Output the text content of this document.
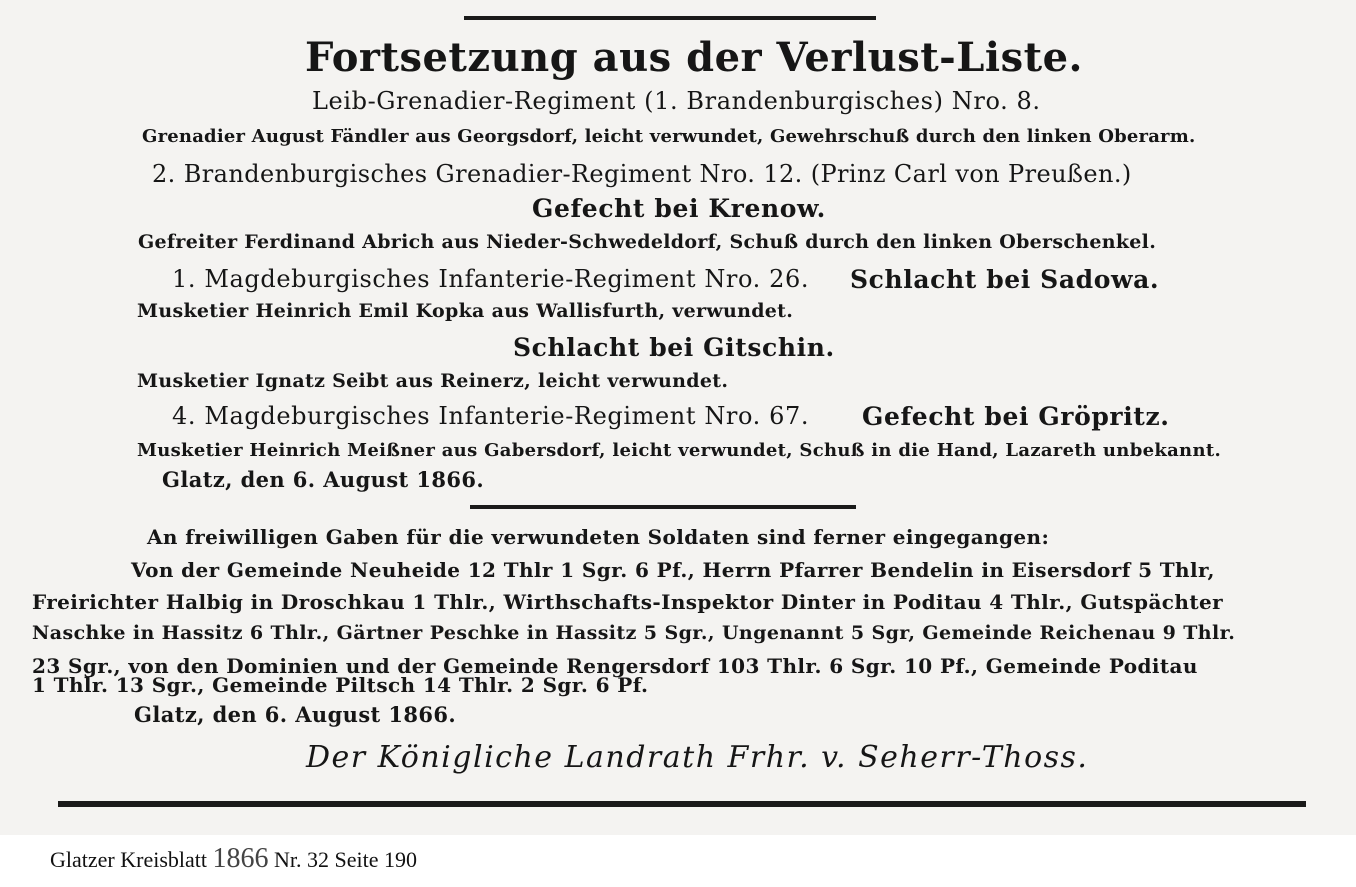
Fortsetzung aus der Verlust-Liste.
Leib-Grenadier-Regiment (1. Brandenburgisches) Nro. 8.
Grenadier August Fändler aus Georgsdorf, leicht verwundet, Gewehrschuß durch den linken Oberarm.
2. Brandenburgisches Grenadier-Regiment Nro. 12. (Prinz Carl von Preußen.)
Gefecht bei Krenow.
Gefreiter Ferdinand Abrich aus Nieder-Schwedeldorf, Schuß durch den linken Oberschenkel.
1. Magdeburgisches Infanterie-Regiment Nro. 26. Schlacht bei Sadowa.
Musketier Heinrich Emil Kopka aus Wallisfurth, verwundet.
Schlacht bei Gitschin.
Musketier Ignatz Seibt aus Reinerz, leicht verwundet.
4. Magdeburgisches Infanterie-Regiment Nro. 67. Gefecht bei Gröpritz.
Musketier Heinrich Meißner aus Gabersdorf, leicht verwundet, Schuß in die Hand, Lazareth unbekannt.
Glatz, den 6. August 1866.
An freiwilligen Gaben für die verwundeten Soldaten sind ferner eingegangen:
Von der Gemeinde Neuheide 12 Thlr 1 Sgr. 6 Pf., Herrn Pfarrer Bendelin in Eisersdorf 5 Thlr,
Freirichter Halbig in Droschkau 1 Thlr., Wirthschafts-Inspektor Dinter in Poditau 4 Thlr., Gutspächter
Naschke in Hassitz 6 Thlr., Gärtner Peschke in Hassitz 5 Sgr., Ungenannt 5 Sgr, Gemeinde Reichenau 9 Thlr.
23 Sgr., von den Dominien und der Gemeinde Rengersdorf 103 Thlr. 6 Sgr. 10 Pf., Gemeinde Poditau
1 Thlr. 13 Sgr., Gemeinde Piltsch 14 Thlr. 2 Sgr. 6 Pf.
Glatz, den 6. August 1866.
Der Königliche Landrath Frhr. v. Seherr-Thoss.
Glatzer Kreisblatt 1866 Nr. 32 Seite 190
